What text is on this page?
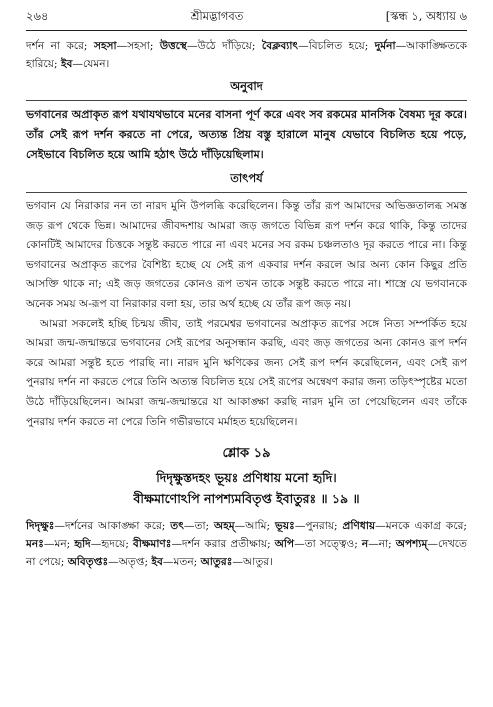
২৬৪	শ্রীমদ্ভাগবত	[স্কন্ধ ১, অধ্যায় ৬

দর্শন না করে; সহসা—সহসা; উত্তস্থে—উঠে দাঁড়িয়ে; বৈক্লব্যাৎ—বিচলিত হয়ে; দুর্মনা—আকাঙ্ক্ষিতকে হারিয়ে; ইব—যেমন।

অনুবাদ

ভগবানের অপ্রাকৃত রূপ যথাযথভাবে মনের বাসনা পূর্ণ করে এবং সব রকমের মানসিক বৈষম্য দূর করে। তাঁর সেই রূপ দর্শন করতে না পেরে, অত্যন্ত প্রিয় বস্তু হারালে মানুষ যেভাবে বিচলিত হয়ে পড়ে, সেইভাবে বিচলিত হয়ে আমি হঠাৎ উঠে দাঁড়িয়েছিলাম।

তাৎপর্য

ভগবান যে নিরাকার নন তা নারদ মুনি উপলব্ধি করেছিলেন। কিন্তু তাঁর রূপ আমাদের অভিজ্ঞতালব্ধ সমস্ত জড় রূপ থেকে ভিন্ন। আমাদের জীবদ্দশায় আমরা জড় জগতে বিভিন্ন রূপ দর্শন করে থাকি, কিন্তু তাদের কোনটিই আমাদের চিত্তকে সন্তুষ্ট করতে পারে না এবং মনের সব রকম চঞ্চলতাও দূর করতে পারে না। কিন্তু ভগবানের অপ্রাকৃত রূপের বৈশিষ্ট্য হচ্ছে যে সেই রূপ একবার দর্শন করলে আর অন্য কোন কিছুর প্রতি আসক্তি থাকে না; এই জড় জগতের কোনও রূপ তখন তাকে সন্তুষ্ট করতে পারে না। শাস্ত্রে যে ভগবানকে অনেক সময় অ-রূপ বা নিরাকার বলা হয়, তার অর্থ হচ্ছে যে তাঁর রূপ জড় নয়।

আমরা সকলেই হচ্ছি চিন্ময় জীব, তাই পরমেশ্বর ভগবানের অপ্রাকৃত রূপের সঙ্গে নিত্য সম্পর্কিত হয়ে আমরা জন্ম-জন্মান্তরে ভগবানের সেই রূপের অনুসন্ধান করছি, এবং জড় জগতের অন্য কোনও রূপ দর্শন করে আমরা সন্তুষ্ট হতে পারছি না। নারদ মুনি ক্ষণিকের জন্য সেই রূপ দর্শন করেছিলেন, এবং সেই রূপ পুনরায় দর্শন না করতে পেরে তিনি অত্যন্ত বিচলিত হয়ে সেই রূপের অন্বেষণ করার জন্য তড়িৎস্পৃষ্টের মতো উঠে দাঁড়িয়েছিলেন। আমরা জন্ম-জন্মান্তরে যা আকাঙ্ক্ষা করছি নারদ মুনি তা পেয়েছিলেন এবং তাঁকে পুনরায় দর্শন করতে না পেরে তিনি গভীরভাবে মর্মাহত হয়েছিলেন।

শ্লোক ১৯
দিদৃক্ষুস্তদহং ভূয়ঃ প্রণিধায় মনো হৃদি।
বীক্ষমাণোঽপি নাপশ্যমবিতৃপ্ত ইবাতুরঃ ॥ ১৯ ॥

দিদৃক্ষুঃ—দর্শনের আকাঙ্ক্ষা করে; তৎ—তা; অহম্—আমি; ভূয়ঃ—পুনরায়; প্রণিধায়—মনকে একাগ্র করে; মনঃ—মন; হৃদি—হৃদয়ে; বীক্ষমাণঃ—দর্শন করার প্রতীক্ষায়; অপি—তা সত্ত্বেও; ন—না; অপশ্যম্—দেখতে না পেয়ে; অবিতৃপ্তঃ—অতৃপ্ত; ইব—মতন; আতুরঃ—আতুর।
